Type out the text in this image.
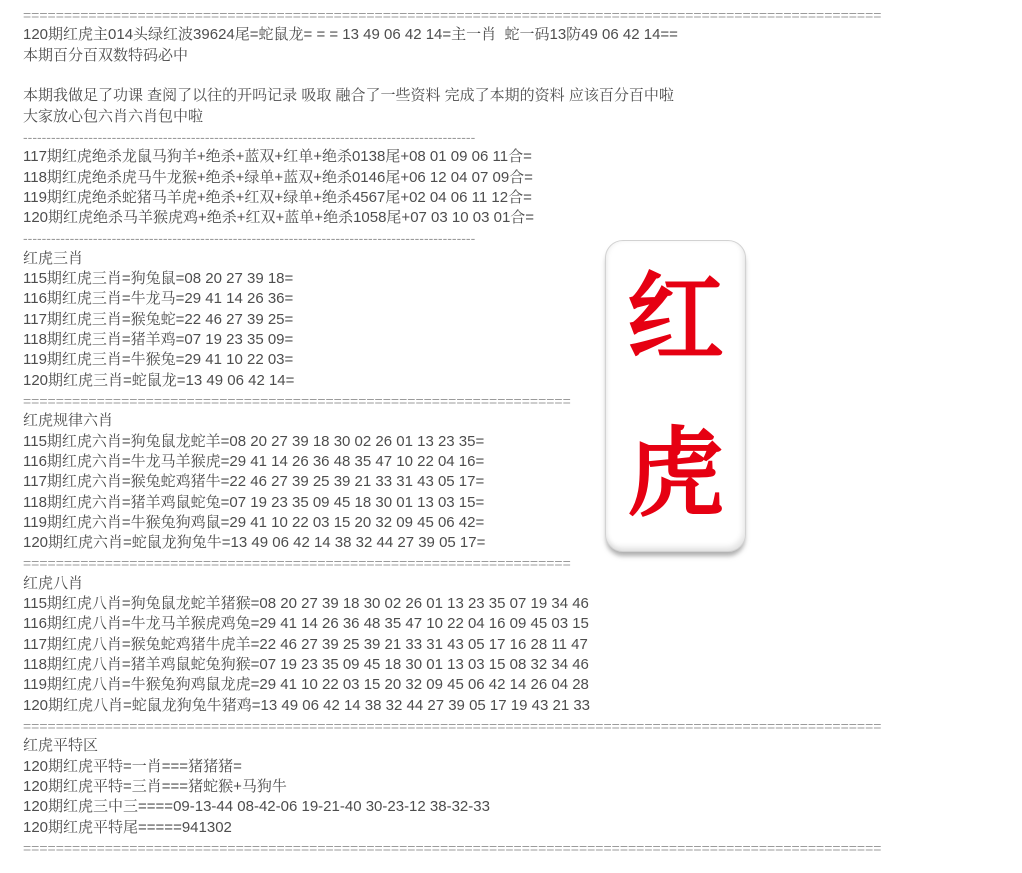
=========================================================================================================
120期红虎主014头绿红波39624尾=蛇鼠龙= = = 13 49 06 42 14=主一肖  蛇一码13防49 06 42 14==
本期百分百双数特码必中

本期我做足了功课 查阅了以往的开吗记录 吸取 融合了一些资料 完成了本期的资料 应该百分百中啦
大家放心包六肖六肖包中啦
-------------------------------------------------------------------------------------------------
117期红虎绝杀龙鼠马狗羊+绝杀+蓝双+红单+绝杀0138尾+08 01 09 06 11合=
118期红虎绝杀虎马牛龙猴+绝杀+绿单+蓝双+绝杀0146尾+06 12 04 07 09合=
119期红虎绝杀蛇猪马羊虎+绝杀+红双+绿单+绝杀4567尾+02 04 06 11 12合=
120期红虎绝杀马羊猴虎鸡+绝杀+红双+蓝单+绝杀1058尾+07 03 10 03 01合=
-------------------------------------------------------------------------------------------------
红虎三肖
115期红虎三肖=狗兔鼠=08 20 27 39 18=
116期红虎三肖=牛龙马=29 41 14 26 36=
117期红虎三肖=猴兔蛇=22 46 27 39 25=
118期红虎三肖=猪羊鸡=07 19 23 35 09=
119期红虎三肖=牛猴兔=29 41 10 22 03=
120期红虎三肖=蛇鼠龙=13 49 06 42 14=
===================================================================
红虎规律六肖
115期红虎六肖=狗兔鼠龙蛇羊=08 20 27 39 18 30 02 26 01 13 23 35=
116期红虎六肖=牛龙马羊猴虎=29 41 14 26 36 48 35 47 10 22 04 16=
117期红虎六肖=猴兔蛇鸡猪牛=22 46 27 39 25 39 21 33 31 43 05 17=
118期红虎六肖=猪羊鸡鼠蛇兔=07 19 23 35 09 45 18 30 01 13 03 15=
119期红虎六肖=牛猴兔狗鸡鼠=29 41 10 22 03 15 20 32 09 45 06 42=
120期红虎六肖=蛇鼠龙狗兔牛=13 49 06 42 14 38 32 44 27 39 05 17=
===================================================================
红虎八肖
115期红虎八肖=狗兔鼠龙蛇羊猪猴=08 20 27 39 18 30 02 26 01 13 23 35 07 19 34 46
116期红虎八肖=牛龙马羊猴虎鸡兔=29 41 14 26 36 48 35 47 10 22 04 16 09 45 03 15
117期红虎八肖=猴兔蛇鸡猪牛虎羊=22 46 27 39 25 39 21 33 31 43 05 17 16 28 11 47
118期红虎八肖=猪羊鸡鼠蛇兔狗猴=07 19 23 35 09 45 18 30 01 13 03 15 08 32 34 46
119期红虎八肖=牛猴兔狗鸡鼠龙虎=29 41 10 22 03 15 20 32 09 45 06 42 14 26 04 28
120期红虎八肖=蛇鼠龙狗兔牛猪鸡=13 49 06 42 14 38 32 44 27 39 05 17 19 43 21 33
=========================================================================================================
红虎平特区
120期红虎平特=一肖===猪猪猪=
120期红虎平特=三肖===猪蛇猴+马狗牛
120期红虎三中三====09-13-44 08-42-06 19-21-40 30-23-12 38-32-33
120期红虎平特尾=====941302
=========================================================================================================
红
虎
